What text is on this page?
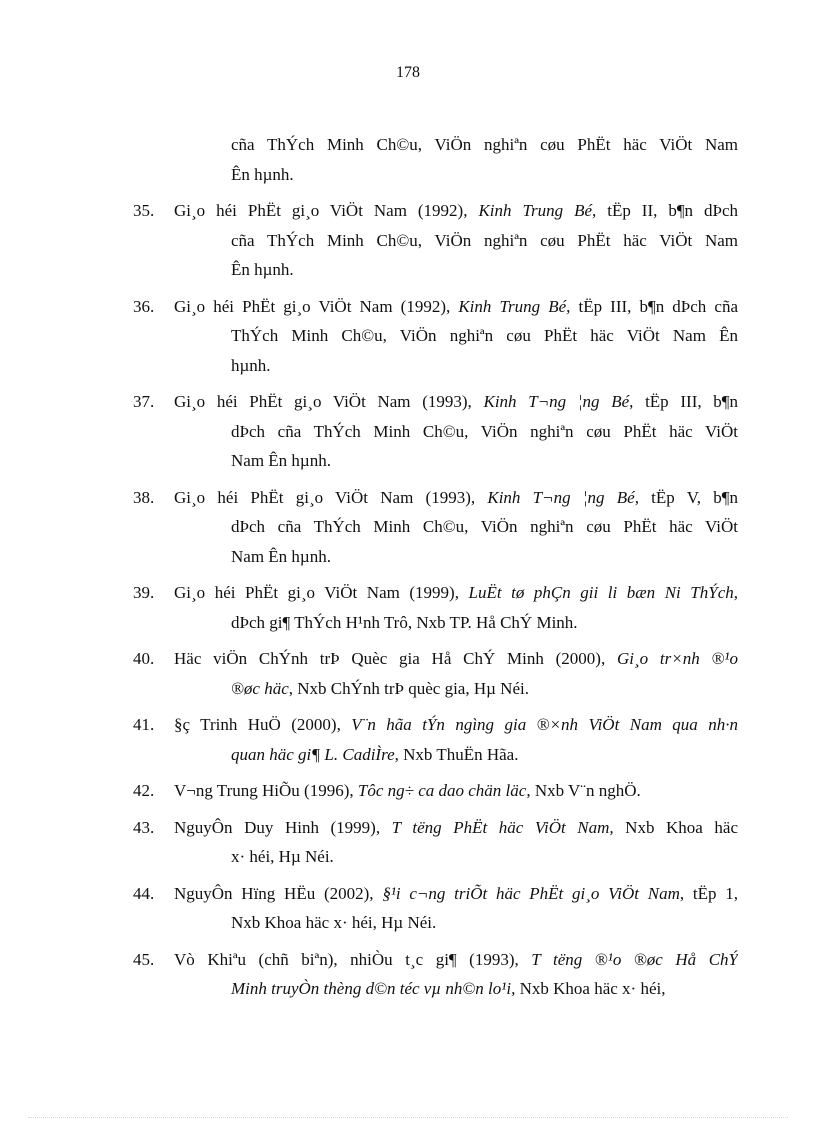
178
cña ThÝch Minh Ch©u, ViÖn nghiªn cøu PhËt häc ViÖt Nam
Ên hµnh.
35. Gi¸o héi PhËt gi¸o ViÖt Nam (1992), Kinh Trung Bé, tËp II, b¶n dÞch
cña ThÝch Minh Ch©u, ViÖn nghiªn cøu PhËt häc ViÖt Nam
Ên hµnh.
36. Gi¸o héi PhËt gi¸o ViÖt Nam (1992), Kinh Trung Bé, tËp III, b¶n dÞch cña
ThÝch Minh Ch©u, ViÖn nghiªn cøu PhËt häc ViÖt Nam Ên
hµnh.
37. Gi¸o héi PhËt gi¸o ViÖt Nam (1993), Kinh T¬ng ¦ng Bé, tËp III, b¶n
dÞch cña ThÝch Minh Ch©u, ViÖn nghiªn cøu PhËt häc ViÖt
Nam Ên hµnh.
38. Gi¸o héi PhËt gi¸o ViÖt Nam (1993), Kinh T¬ng ¦ng Bé, tËp V, b¶n
dÞch cña ThÝch Minh Ch©u, ViÖn nghiªn cøu PhËt häc ViÖt
Nam Ên hµnh.
39. Gi¸o héi PhËt gi¸o ViÖt Nam (1999), LuËt tø phÇn gii li bæn Ni ThÝch,
dÞch gi¶ ThÝch H¹nh Trô, Nxb TP. Hå ChÝ Minh.
40. Häc viÖn ChÝnh trÞ Quèc gia Hå ChÝ Minh (2000), Gi¸o tr×nh ®¹o
®øc häc, Nxb ChÝnh trÞ quèc gia, Hµ Néi.
41. §ç Trinh HuÖ (2000), V¨n hãa tÝn ngìng gia ®×nh ViÖt Nam qua nh·n
quan häc gi¶ L. CadiÌre, Nxb ThuËn Hãa.
42. V¬ng Trung HiÕu (1996), Tôc ng÷ ca dao chän läc, Nxb V¨n nghÖ.
43. NguyÔn Duy Hinh (1999), T tëng PhËt häc ViÖt Nam, Nxb Khoa häc
x· héi, Hµ Néi.
44. NguyÔn Hïng HËu (2002), §¹i c¬ng triÕt häc PhËt gi¸o ViÖt Nam, tËp 1,
Nxb Khoa häc x· héi, Hµ Néi.
45. Vò Khiªu (chñ biªn), nhiÒu t¸c gi¶ (1993), T tëng ®¹o ®øc Hå ChÝ
Minh truyÒn thèng d©n téc vµ nh©n lo¹i, Nxb Khoa häc x· héi,
